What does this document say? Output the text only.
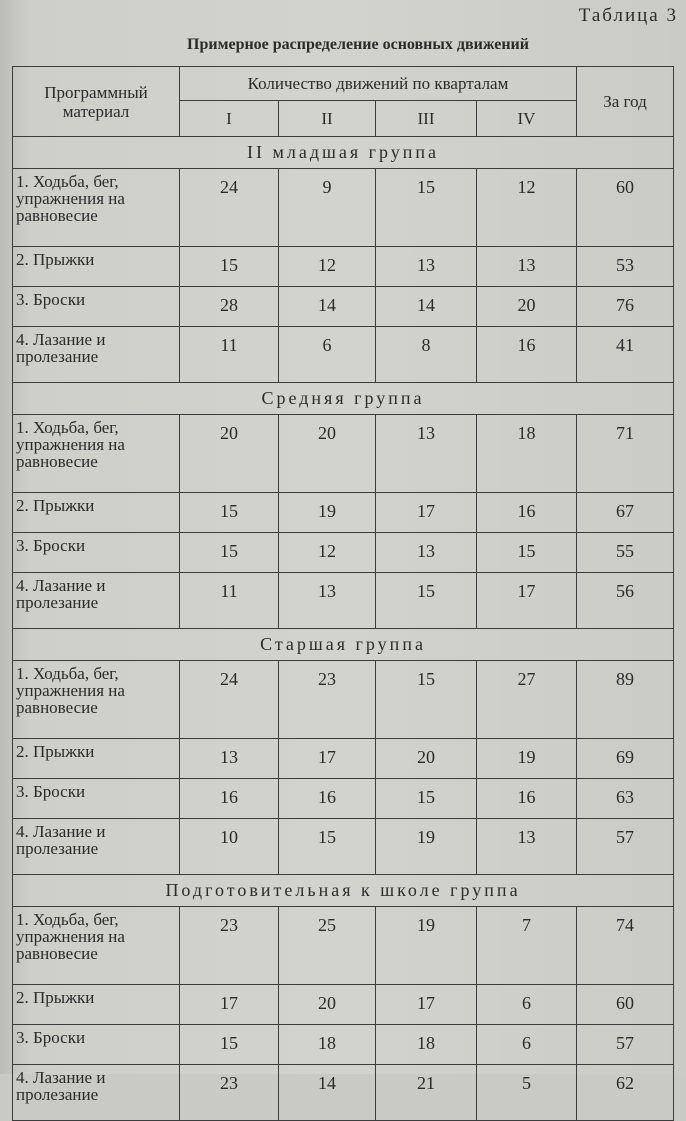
Таблица 3
Примерное распределение основных движений
Программный материал	Количество движений по кварталам				За год
	I	II	III	IV	
II младшая группа					
1. Ходьба, бег, упражнения на равновесие	24	9	15	12	60
2. Прыжки	15	12	13	13	53
3. Броски	28	14	14	20	76
4. Лазание и пролезание	11	6	8	16	41
Средняя группа					
1. Ходьба, бег, упражнения на равновесие	20	20	13	18	71
2. Прыжки	15	19	17	16	67
3. Броски	15	12	13	15	55
4. Лазание и пролезание	11	13	15	17	56
Старшая группа					
1. Ходьба, бег, упражнения на равновесие	24	23	15	27	89
2. Прыжки	13	17	20	19	69
3. Броски	16	16	15	16	63
4. Лазание и пролезание	10	15	19	13	57
Подготовительная к школе группа					
1. Ходьба, бег, упражнения на равновесие	23	25	19	7	74
2. Прыжки	17	20	17	6	60
3. Броски	15	18	18	6	57
4. Лазание и пролезание	23	14	21	5	62
